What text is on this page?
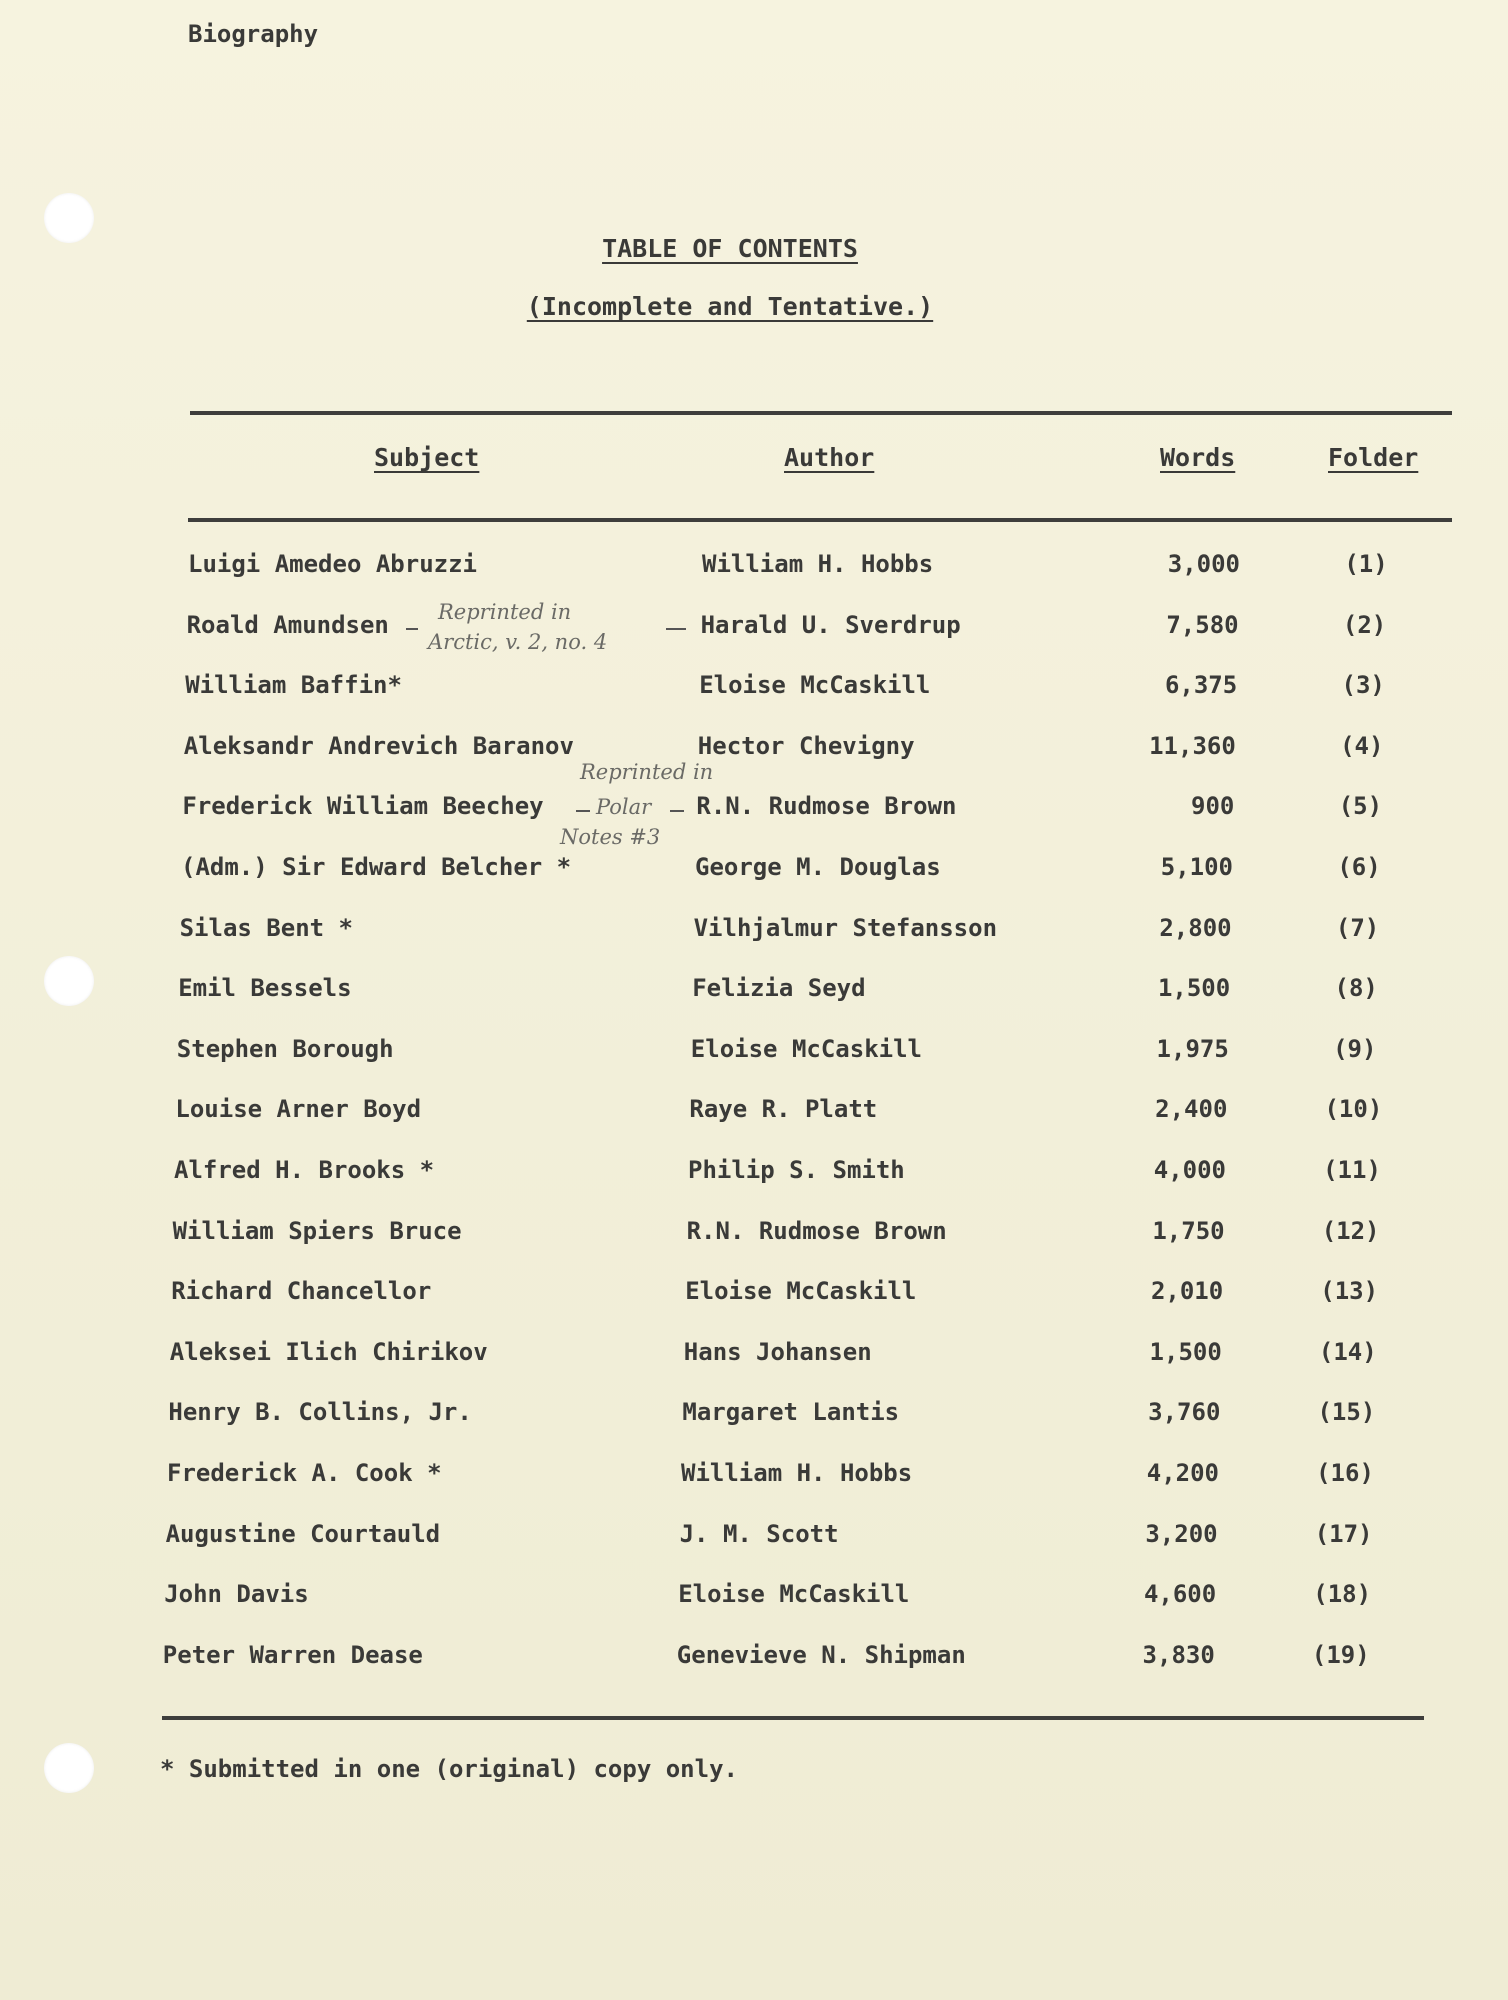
Biography
TABLE OF CONTENTS
(Incomplete and Tentative.)
Subject	Author	Words	Folder
Luigi Amedeo Abruzzi	William H. Hobbs	3,000	(1)
Roald Amundsen	Harald U. Sverdrup	7,580	(2)
William Baffin*	Eloise McCaskill	6,375	(3)
Aleksandr Andrevich Baranov	Hector Chevigny	11,360	(4)
Frederick William Beechey	R.N. Rudmose Brown	900	(5)
(Adm.) Sir Edward Belcher *	George M. Douglas	5,100	(6)
Silas Bent *	Vilhjalmur Stefansson	2,800	(7)
Emil Bessels	Felizia Seyd	1,500	(8)
Stephen Borough	Eloise McCaskill	1,975	(9)
Louise Arner Boyd	Raye R. Platt	2,400	(10)
Alfred H. Brooks *	Philip S. Smith	4,000	(11)
William Spiers Bruce	R.N. Rudmose Brown	1,750	(12)
Richard Chancellor	Eloise McCaskill	2,010	(13)
Aleksei Ilich Chirikov	Hans Johansen	1,500	(14)
Henry B. Collins, Jr.	Margaret Lantis	3,760	(15)
Frederick A. Cook *	William H. Hobbs	4,200	(16)
Augustine Courtauld	J. M. Scott	3,200	(17)
John Davis	Eloise McCaskill	4,600	(18)
Peter Warren Dease	Genevieve N. Shipman	3,830	(19)
Reprinted in
Arctic, v. 2, no. 4
Reprinted in
Polar
Notes #3
* Submitted in one (original) copy only.
